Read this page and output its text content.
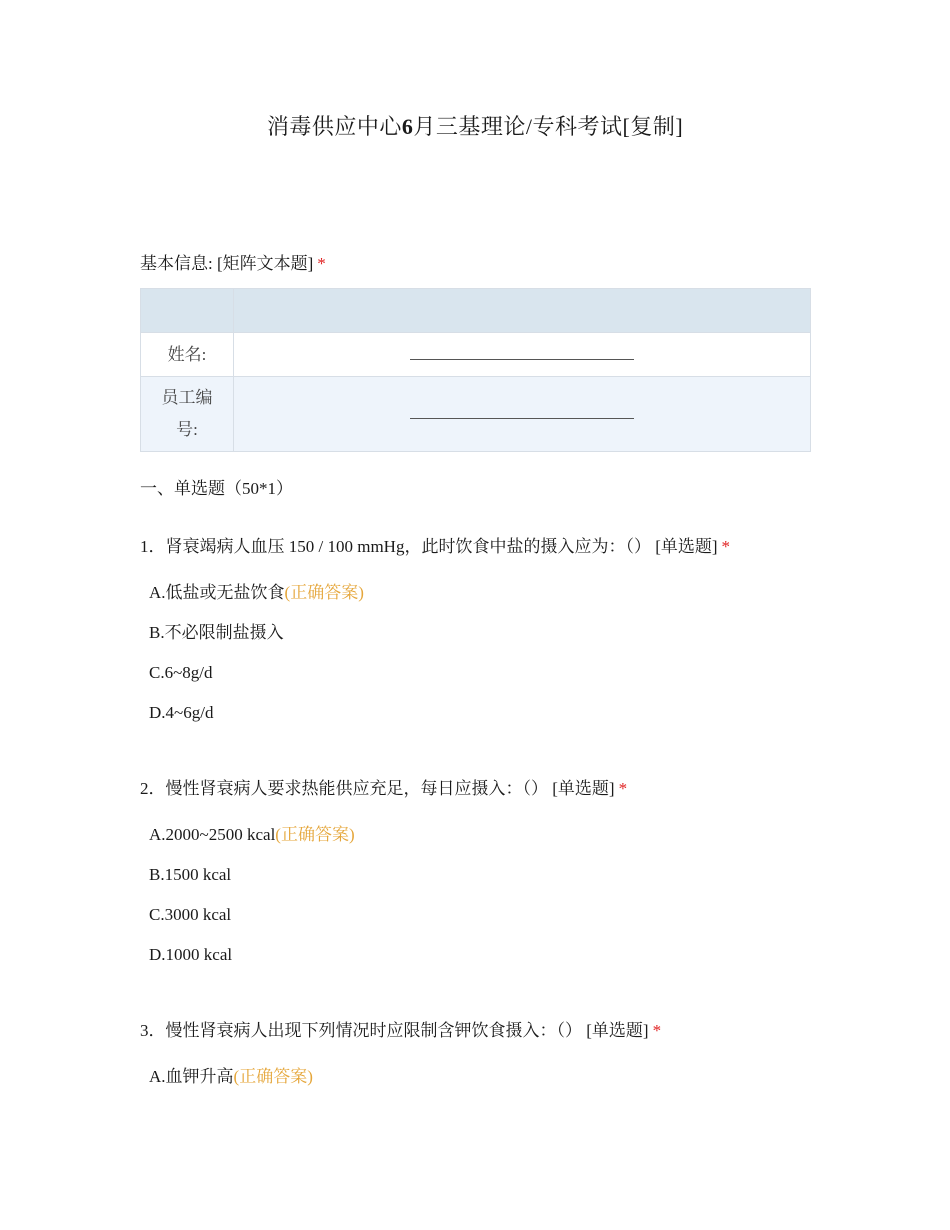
消毒供应中心6月三基理论/专科考试[复制]
基本信息: [矩阵文本题] *

姓名:	
员工编
号:	
一、单选题（50*1）
1．肾衰竭病人血压 150 / 100 mmHg，此时饮食中盐的摄入应为：（） [单选题] *
A.低盐或无盐饮食(正确答案)
B.不必限制盐摄入
C.6~8g/d
D.4~6g/d
2．慢性肾衰病人要求热能供应充足，每日应摄入：（） [单选题] *
A.2000~2500 kcal(正确答案)
B.1500 kcal
C.3000 kcal
D.1000 kcal
3．慢性肾衰病人出现下列情况时应限制含钾饮食摄入：（） [单选题] *
A.血钾升高(正确答案)
